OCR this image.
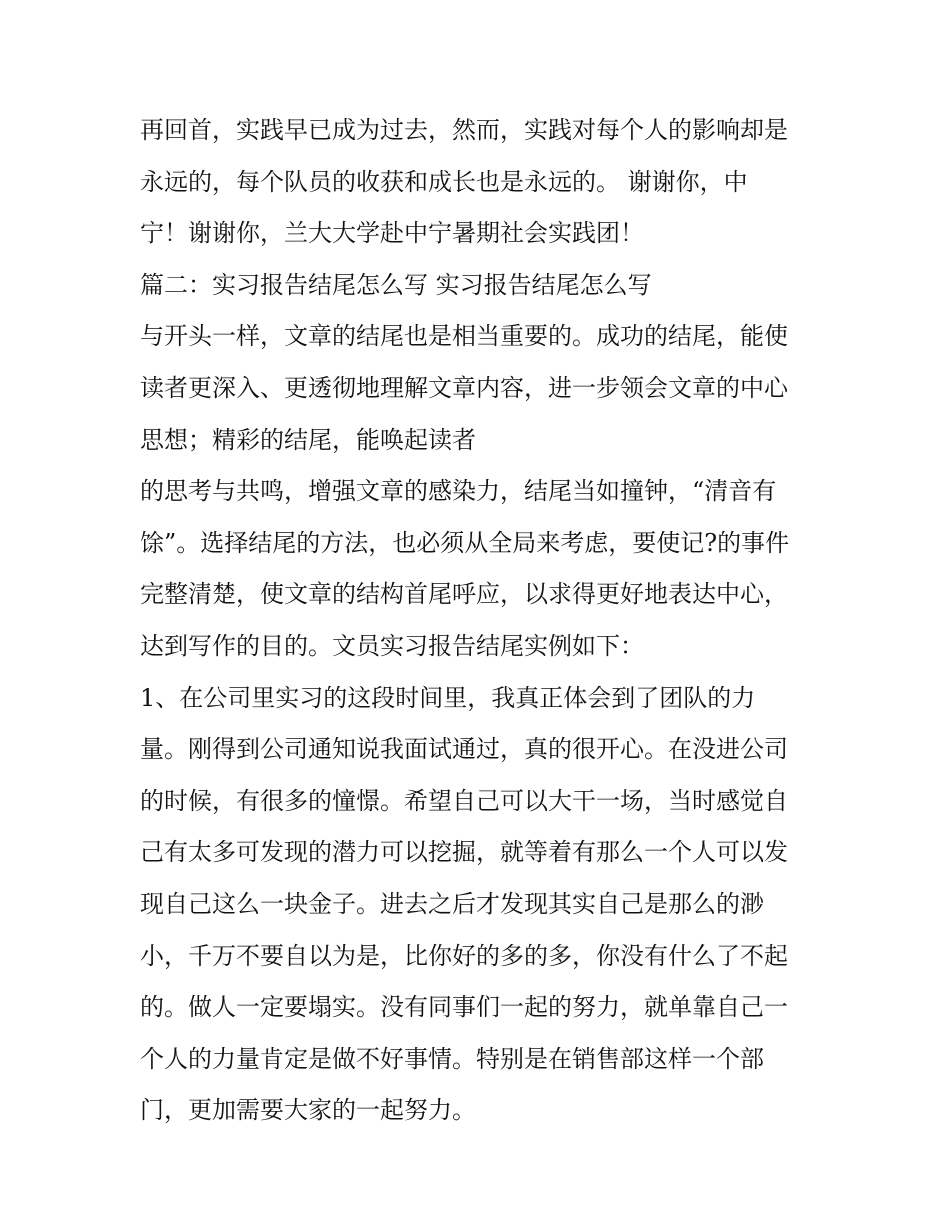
再回首，实践早已成为过去，然而，实践对每个人的影响却是
永远的，每个队员的收获和成长也是永远的。 谢谢你，中
宁！谢谢你，兰大大学赴中宁暑期社会实践团！
篇二：实习报告结尾怎么写 实习报告结尾怎么写
与开头一样，文章的结尾也是相当重要的。成功的结尾，能使
读者更深入、更透彻地理解文章内容，进一步领会文章的中心
思想；精彩的结尾，能唤起读者
的思考与共鸣，增强文章的感染力，结尾当如撞钟，“清音有
馀”。选择结尾的方法，也必须从全局来考虑，要使记?的事件
完整清楚，使文章的结构首尾呼应，以求得更好地表达中心，
达到写作的目的。文员实习报告结尾实例如下：
1、在公司里实习的这段时间里，我真正体会到了团队的力
量。刚得到公司通知说我面试通过，真的很开心。在没进公司
的时候，有很多的憧憬。希望自己可以大干一场，当时感觉自
己有太多可发现的潜力可以挖掘，就等着有那么一个人可以发
现自己这么一块金子。进去之后才发现其实自己是那么的渺
小，千万不要自以为是，比你好的多的多，你没有什么了不起
的。做人一定要塌实。没有同事们一起的努力，就单靠自己一
个人的力量肯定是做不好事情。特别是在销售部这样一个部
门，更加需要大家的一起努力。
